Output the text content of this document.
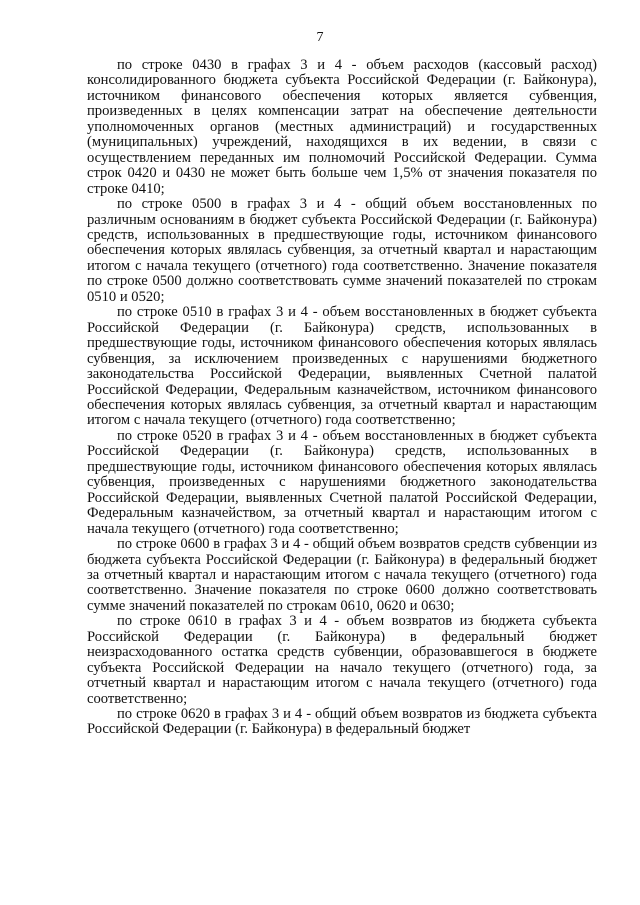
7

по строке 0430 в графах 3 и 4 - объем расходов (кассовый расход) консолидированного бюджета субъекта Российской Федерации (г. Байконура), источником финансового обеспечения которых является субвенция, произведенных в целях компенсации затрат на обеспечение деятельности уполномоченных органов (местных администраций) и государственных (муниципальных) учреждений, находящихся в их ведении, в связи с осуществлением переданных им полномочий Российской Федерации. Сумма строк 0420 и 0430 не может быть больше чем 1,5% от значения показателя по строке 0410;

по строке 0500 в графах 3 и 4 - общий объем восстановленных по различным основаниям в бюджет субъекта Российской Федерации (г. Байконура) средств, использованных в предшествующие годы, источником финансового обеспечения которых являлась субвенция, за отчетный квартал и нарастающим итогом с начала текущего (отчетного) года соответственно. Значение показателя по строке 0500 должно соответствовать сумме значений показателей по строкам 0510 и 0520;

по строке 0510 в графах 3 и 4 - объем восстановленных в бюджет субъекта Российской Федерации (г. Байконура) средств, использованных в предшествующие годы, источником финансового обеспечения которых являлась субвенция, за исключением произведенных с нарушениями бюджетного законодательства Российской Федерации, выявленных Счетной палатой Российской Федерации, Федеральным казначейством, источником финансового обеспечения которых являлась субвенция, за отчетный квартал и нарастающим итогом с начала текущего (отчетного) года соответственно;

по строке 0520 в графах 3 и 4 - объем восстановленных в бюджет субъекта Российской Федерации (г. Байконура) средств, использованных в предшествующие годы, источником финансового обеспечения которых являлась субвенция, произведенных с нарушениями бюджетного законодательства Российской Федерации, выявленных Счетной палатой Российской Федерации, Федеральным казначейством, за отчетный квартал и нарастающим итогом с начала текущего (отчетного) года соответственно;

по строке 0600 в графах 3 и 4 - общий объем возвратов средств субвенции из бюджета субъекта Российской Федерации (г. Байконура) в федеральный бюджет за отчетный квартал и нарастающим итогом с начала текущего (отчетного) года соответственно. Значение показателя по строке 0600 должно соответствовать сумме значений показателей по строкам 0610, 0620 и 0630;

по строке 0610 в графах 3 и 4 - объем возвратов из бюджета субъекта Российской Федерации (г. Байконура) в федеральный бюджет неизрасходованного остатка средств субвенции, образовавшегося в бюджете субъекта Российской Федерации на начало текущего (отчетного) года, за отчетный квартал и нарастающим итогом с начала текущего (отчетного) года соответственно;

по строке 0620 в графах 3 и 4 - общий объем возвратов из бюджета субъекта Российской Федерации (г. Байконура) в федеральный бюджет
